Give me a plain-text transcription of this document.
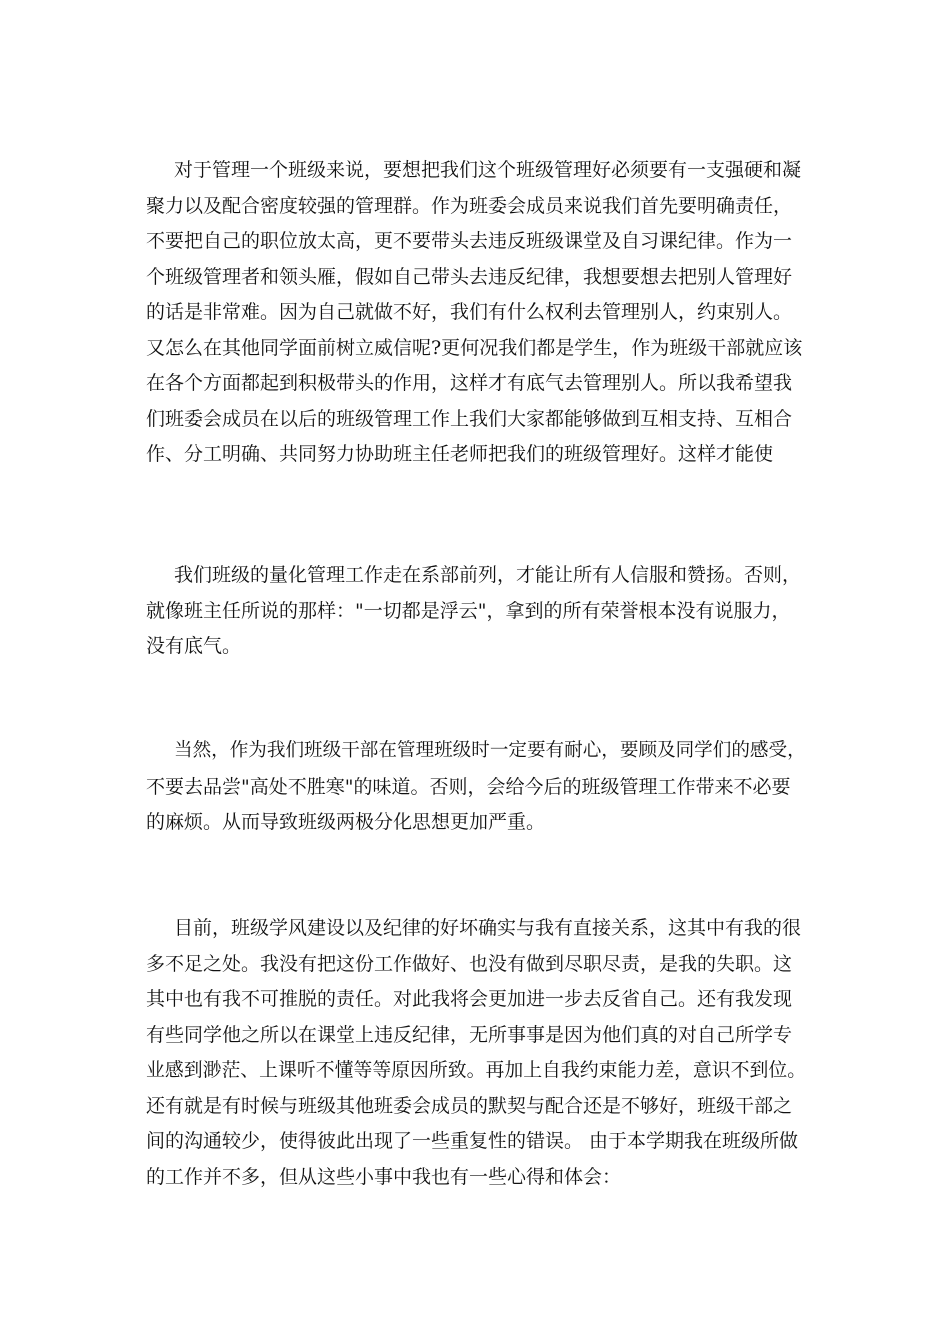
对于管理一个班级来说，要想把我们这个班级管理好必须要有一支强硬和凝
聚力以及配合密度较强的管理群。作为班委会成员来说我们首先要明确责任，
不要把自己的职位放太高，更不要带头去违反班级课堂及自习课纪律。作为一
个班级管理者和领头雁，假如自己带头去违反纪律，我想要想去把别人管理好
的话是非常难。因为自己就做不好，我们有什么权利去管理别人，约束别人。
又怎么在其他同学面前树立威信呢?更何况我们都是学生，作为班级干部就应该
在各个方面都起到积极带头的作用，这样才有底气去管理别人。所以我希望我
们班委会成员在以后的班级管理工作上我们大家都能够做到互相支持、互相合
作、分工明确、共同努力协助班主任老师把我们的班级管理好。这样才能使
我们班级的量化管理工作走在系部前列，才能让所有人信服和赞扬。否则，
就像班主任所说的那样："一切都是浮云"，拿到的所有荣誉根本没有说服力，
没有底气。
当然，作为我们班级干部在管理班级时一定要有耐心，要顾及同学们的感受，
不要去品尝"高处不胜寒"的味道。否则，会给今后的班级管理工作带来不必要
的麻烦。从而导致班级两极分化思想更加严重。
目前，班级学风建设以及纪律的好坏确实与我有直接关系，这其中有我的很
多不足之处。我没有把这份工作做好、也没有做到尽职尽责，是我的失职。这
其中也有我不可推脱的责任。对此我将会更加进一步去反省自己。还有我发现
有些同学他之所以在课堂上违反纪律，无所事事是因为他们真的对自己所学专
业感到渺茫、上课听不懂等等原因所致。再加上自我约束能力差，意识不到位。
还有就是有时候与班级其他班委会成员的默契与配合还是不够好，班级干部之
间的沟通较少，使得彼此出现了一些重复性的错误。 由于本学期我在班级所做
的工作并不多，但从这些小事中我也有一些心得和体会：
